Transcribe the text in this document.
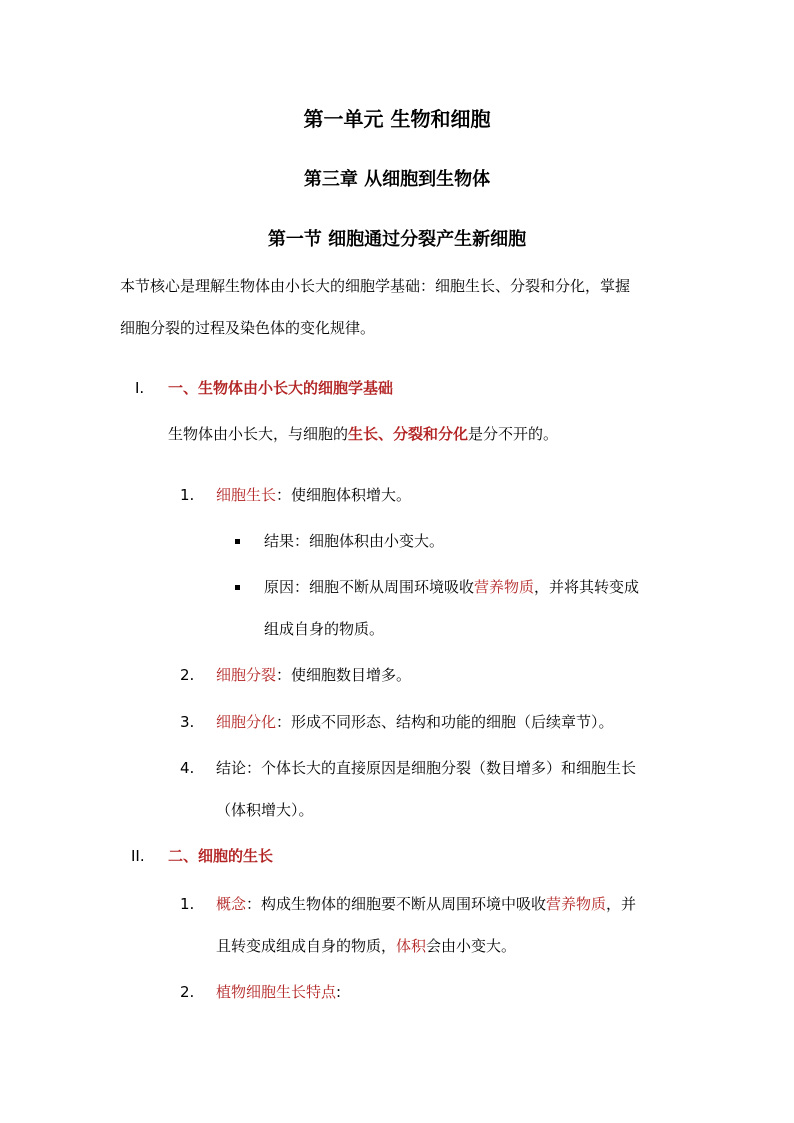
第一单元 生物和细胞
第三章 从细胞到生物体
第一节 细胞通过分裂产生新细胞
本节核心是理解生物体由小长大的细胞学基础：细胞生长、分裂和分化，掌握
细胞分裂的过程及染色体的变化规律。
I. 一、生物体由小长大的细胞学基础
生物体由小长大，与细胞的生长、分裂和分化是分不开的。
1. 细胞生长：使细胞体积增大。
结果：细胞体积由小变大。
原因：细胞不断从周围环境吸收营养物质，并将其转变成
组成自身的物质。
2. 细胞分裂：使细胞数目增多。
3. 细胞分化：形成不同形态、结构和功能的细胞（后续章节）。
4. 结论：个体长大的直接原因是细胞分裂（数目增多）和细胞生长
（体积增大）。
II. 二、细胞的生长
1. 概念：构成生物体的细胞要不断从周围环境中吸收营养物质，并
且转变成组成自身的物质，体积会由小变大。
2. 植物细胞生长特点:
